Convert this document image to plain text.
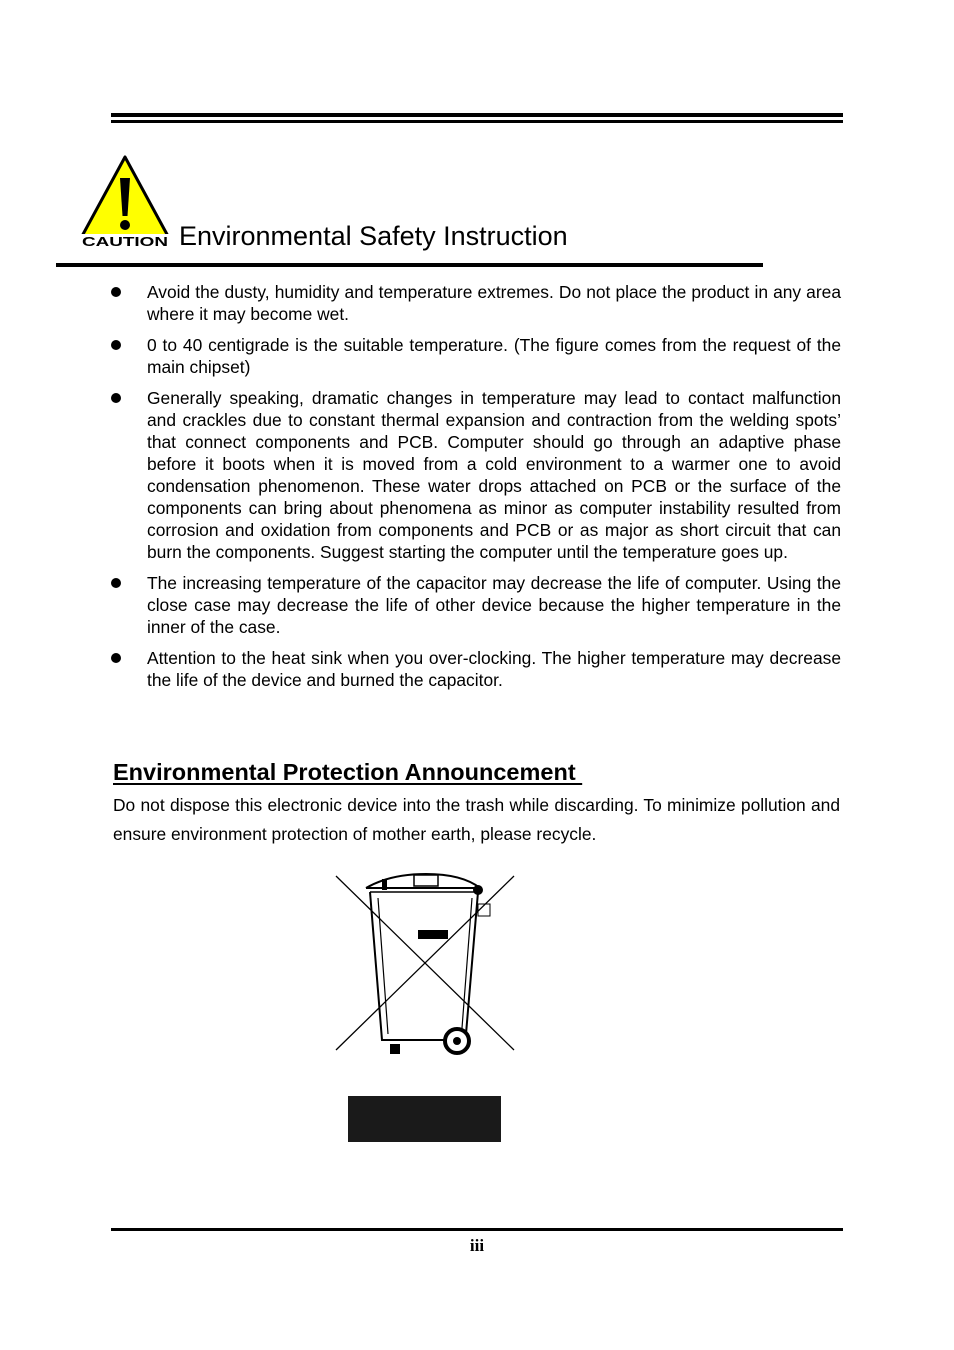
CAUTION Environmental Safety Instruction
Avoid the dusty, humidity and temperature extremes. Do not place the product in any area where it may become wet.
0 to 40 centigrade is the suitable temperature. (The figure comes from the request of the main chipset)
Generally speaking, dramatic changes in temperature may lead to contact malfunction and crackles due to constant thermal expansion and contraction from the welding spots’ that connect components and PCB. Computer should go through an adaptive phase before it boots when it is moved from a cold environment to a warmer one to avoid condensation phenomenon. These water drops attached on PCB or the surface of the components can bring about phenomena as minor as computer instability resulted from corrosion and oxidation from components and PCB or as major as short circuit that can burn the components. Suggest starting the computer until the temperature goes up.
The increasing temperature of the capacitor may decrease the life of computer. Using the close case may decrease the life of other device because the higher temperature in the inner of the case.
Attention to the heat sink when you over-clocking. The higher temperature may decrease the life of the device and burned the capacitor.
Environmental Protection Announcement

Do not dispose this electronic device into the trash while discarding. To minimize pollution and ensure environment protection of mother earth, please recycle.

iii
